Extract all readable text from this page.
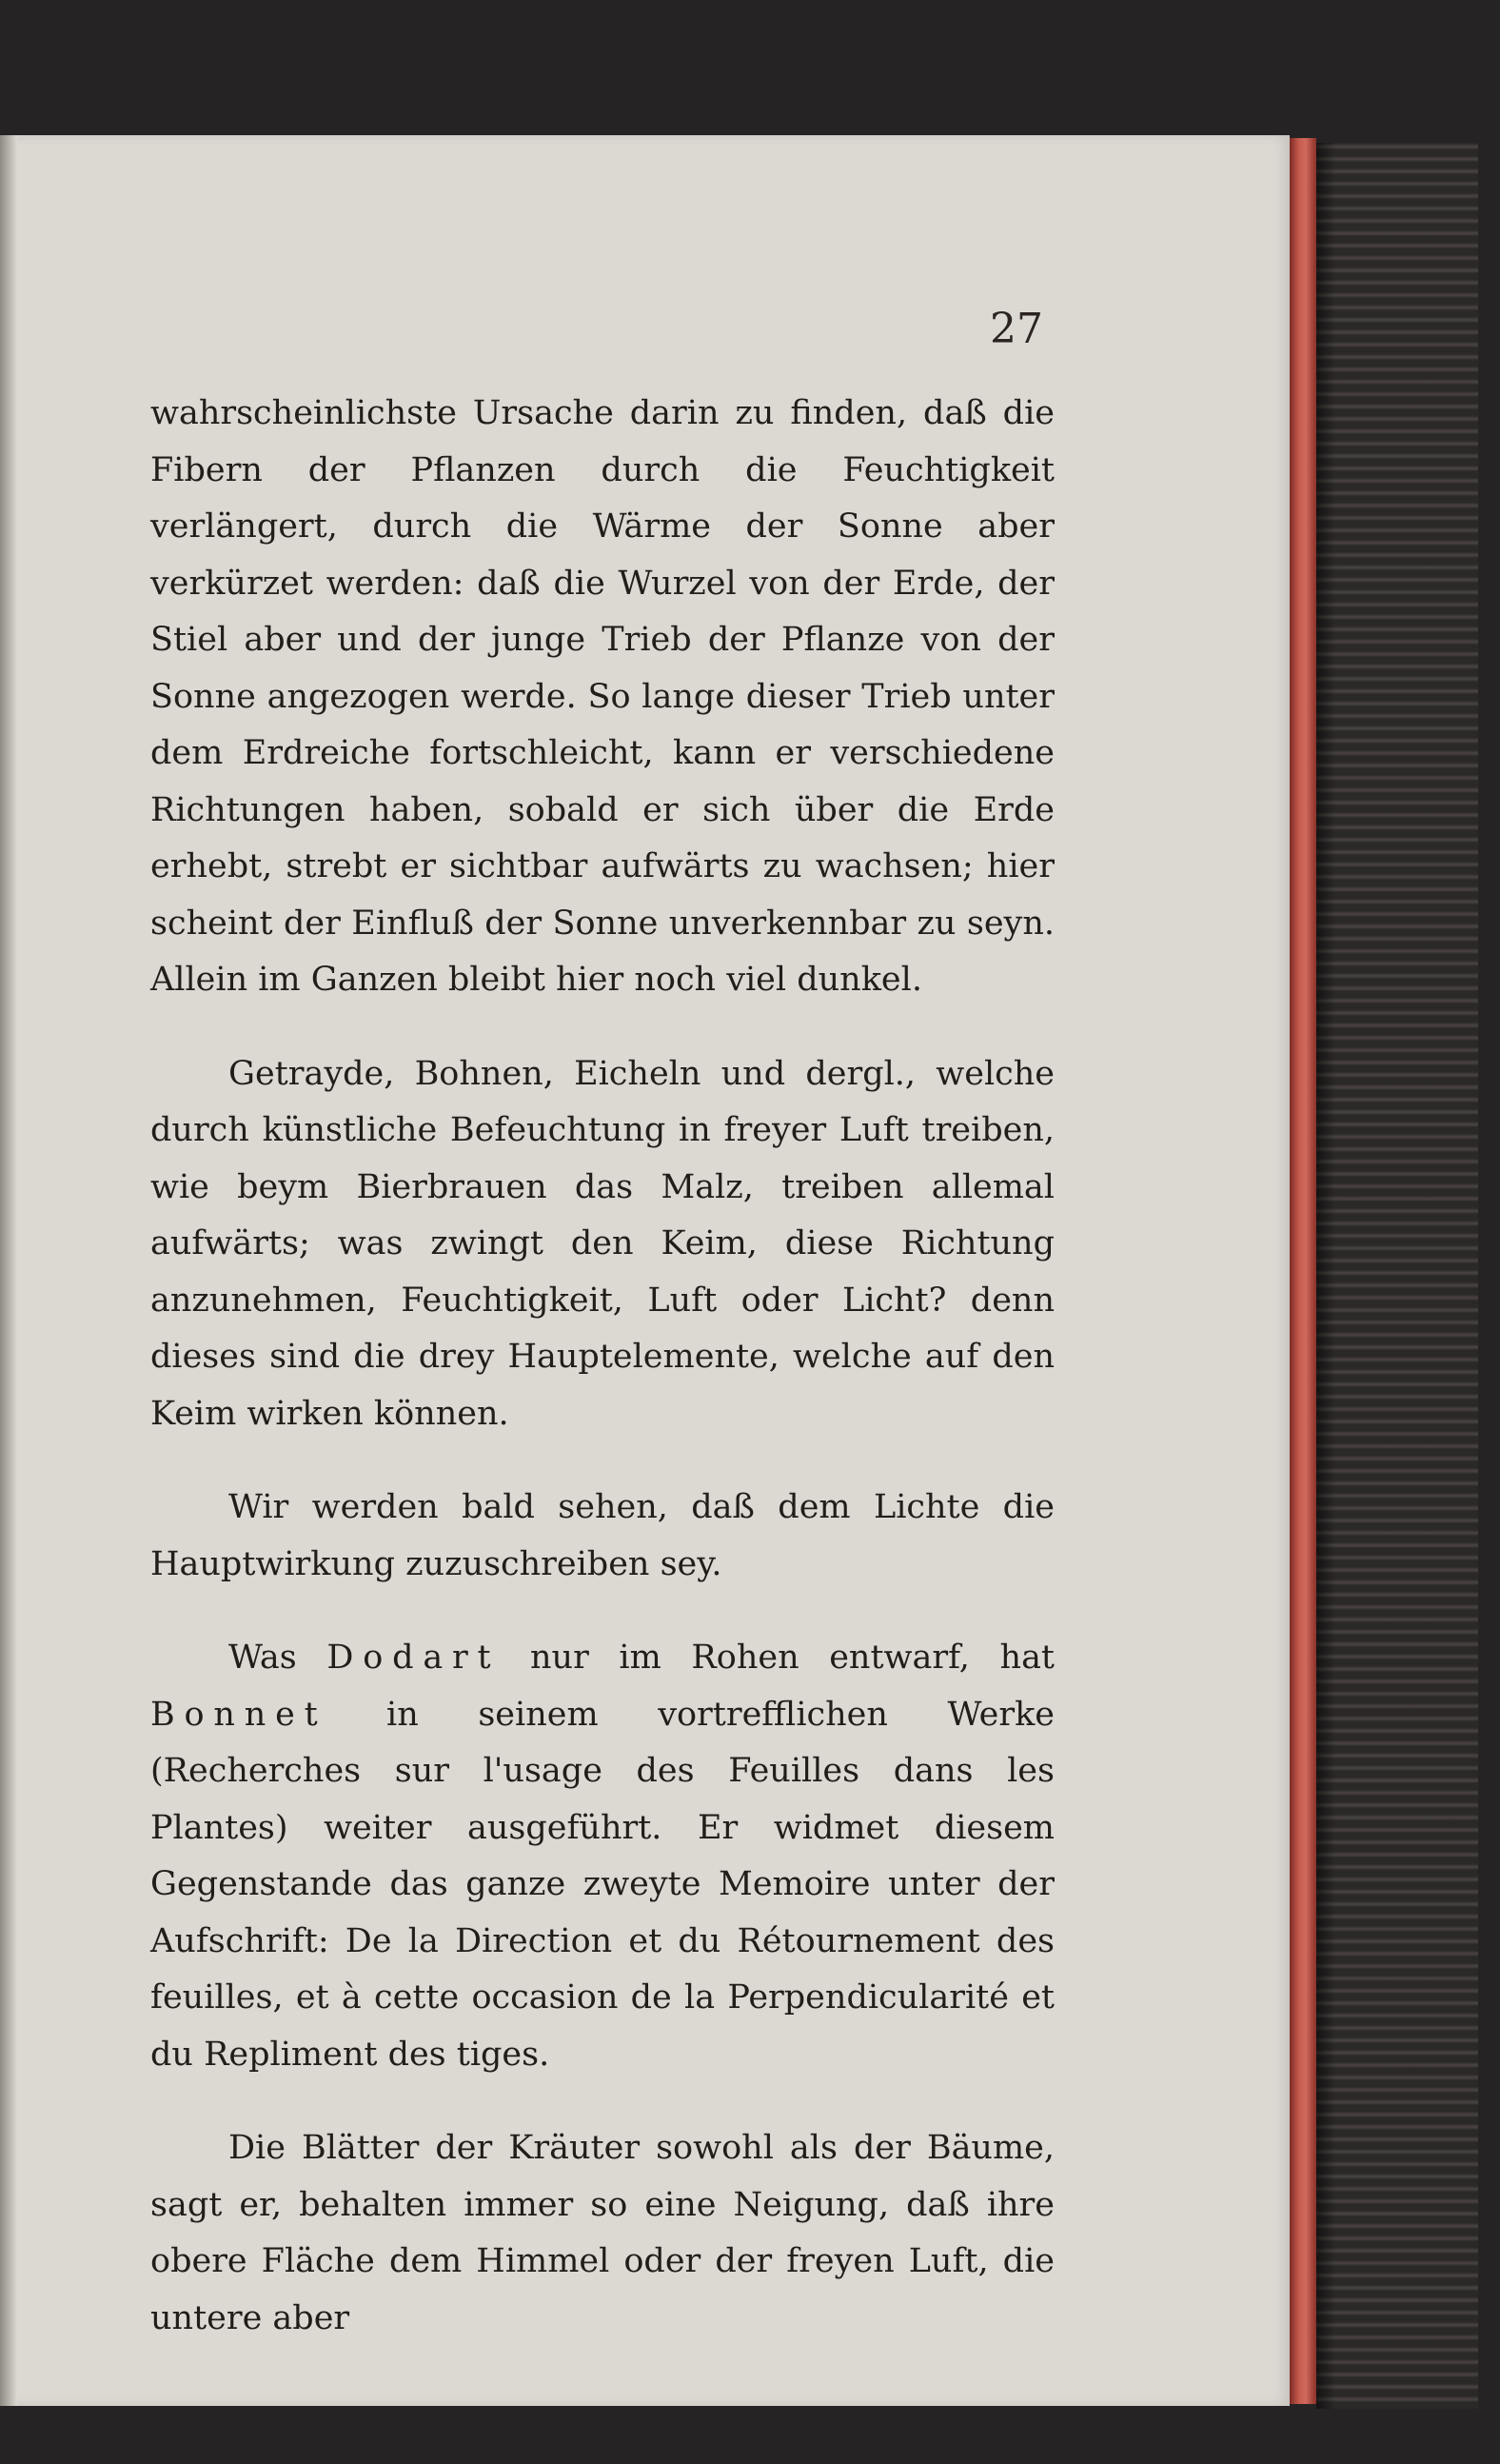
27

wahrscheinlichste Ursache darin zu finden, daß die Fibern der Pflanzen durch die Feuchtigkeit verlängert, durch die Wärme der Sonne aber verkürzet werden: daß die Wurzel von der Erde, der Stiel aber und der junge Trieb der Pflanze von der Sonne angezogen werde. So lange dieser Trieb unter dem Erdreiche fortschleicht, kann er verschiedene Richtungen haben, sobald er sich über die Erde erhebt, strebt er sichtbar aufwärts zu wachsen; hier scheint der Einfluß der Sonne unverkennbar zu seyn. Allein im Ganzen bleibt hier noch viel dunkel.

Getrayde, Bohnen, Eicheln und dergl., welche durch künstliche Befeuchtung in freyer Luft treiben, wie beym Bierbrauen das Malz, treiben allemal aufwärts; was zwingt den Keim, diese Richtung anzunehmen, Feuchtigkeit, Luft oder Licht? denn dieses sind die drey Hauptelemente, welche auf den Keim wirken können.

Wir werden bald sehen, daß dem Lichte die Hauptwirkung zuzuschreiben sey.

Was Dodart nur im Rohen entwarf, hat Bonnet in seinem vortrefflichen Werke (Recherches sur l'usage des Feuilles dans les Plantes) weiter ausgeführt. Er widmet diesem Gegenstande das ganze zweyte Memoire unter der Aufschrift: De la Direction et du Rétournement des feuilles, et à cette occasion de la Perpendicularité et du Repliment des tiges.

Die Blätter der Kräuter sowohl als der Bäume, sagt er, behalten immer so eine Neigung, daß ihre obere Fläche dem Himmel oder der freyen Luft, die untere aber
